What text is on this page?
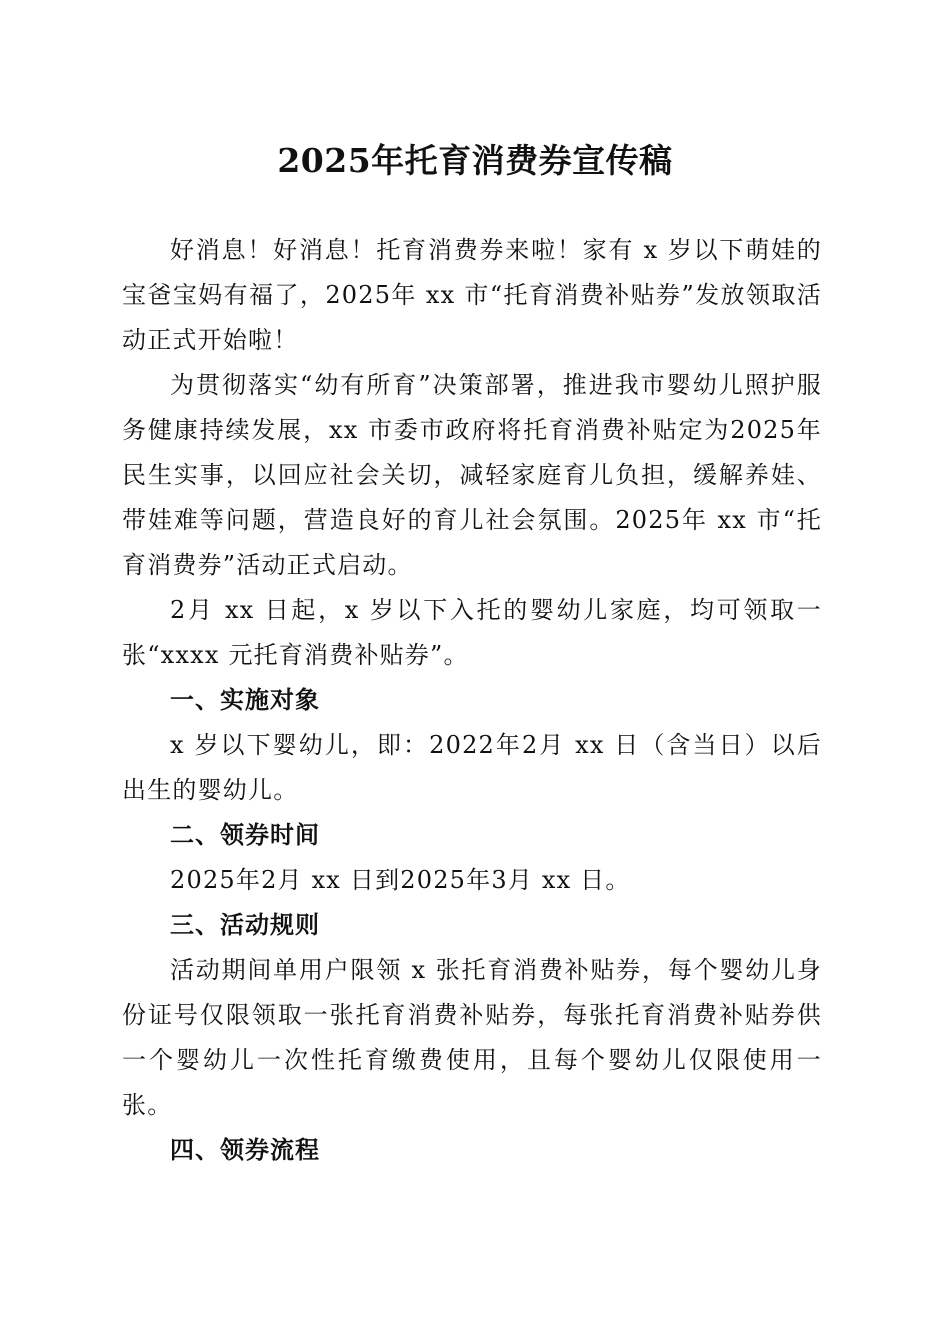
2025年托育消费券宣传稿

好消息！好消息！托育消费券来啦！家有 x 岁以下萌娃的宝爸宝妈有福了，2025年 xx 市“托育消费补贴券”发放领取活动正式开始啦！

为贯彻落实“幼有所育”决策部署，推进我市婴幼儿照护服务健康持续发展，xx 市委市政府将托育消费补贴定为2025年民生实事，以回应社会关切，减轻家庭育儿负担，缓解养娃、带娃难等问题，营造良好的育儿社会氛围。2025年 xx 市“托育消费券”活动正式启动。

2月 xx 日起，x 岁以下入托的婴幼儿家庭，均可领取一张“xxxx 元托育消费补贴券”。

一、实施对象

x 岁以下婴幼儿，即：2022年2月 xx 日（含当日）以后出生的婴幼儿。

二、领券时间

2025年2月 xx 日到2025年3月 xx 日。

三、活动规则

活动期间单用户限领 x 张托育消费补贴券，每个婴幼儿身份证号仅限领取一张托育消费补贴券，每张托育消费补贴券供一个婴幼儿一次性托育缴费使用，且每个婴幼儿仅限使用一张。

四、领券流程
